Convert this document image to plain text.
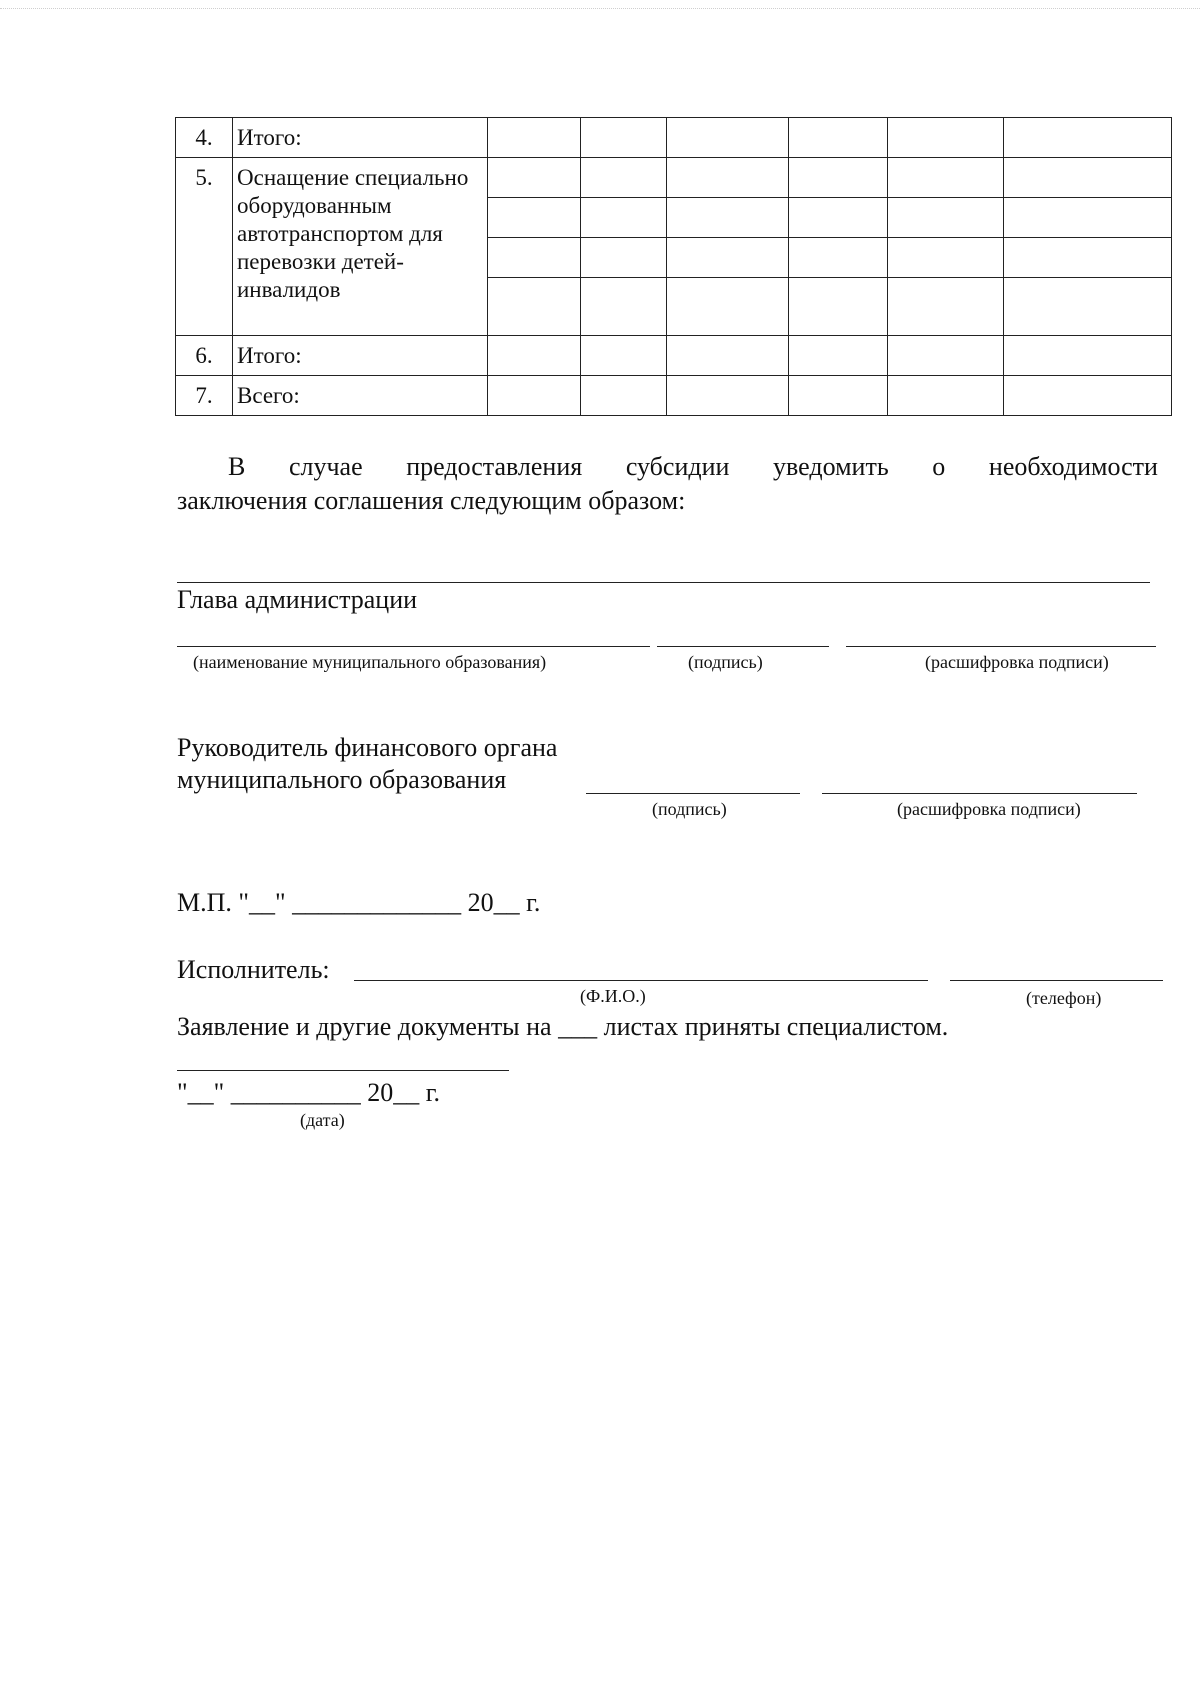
4.	Итого:						
5.	Оснащение специально оборудованным автотранспортом для перевозки детей-инвалидов						

6.	Итого:						
7.	Всего:						
В случае предоставления субсидии уведомить о необходимости
заключения соглашения следующим образом:
Глава администрации
(наименование муниципального образования)	(подпись)	(расшифровка подписи)
Руководитель финансового органа
муниципального образования
(подпись)	(расшифровка подписи)
М.П. "__" _____________ 20__ г.
Исполнитель:
(Ф.И.О.)	(телефон)
Заявление и другие документы на ___ листах приняты специалистом.
"__" __________ 20__ г.
(дата)
